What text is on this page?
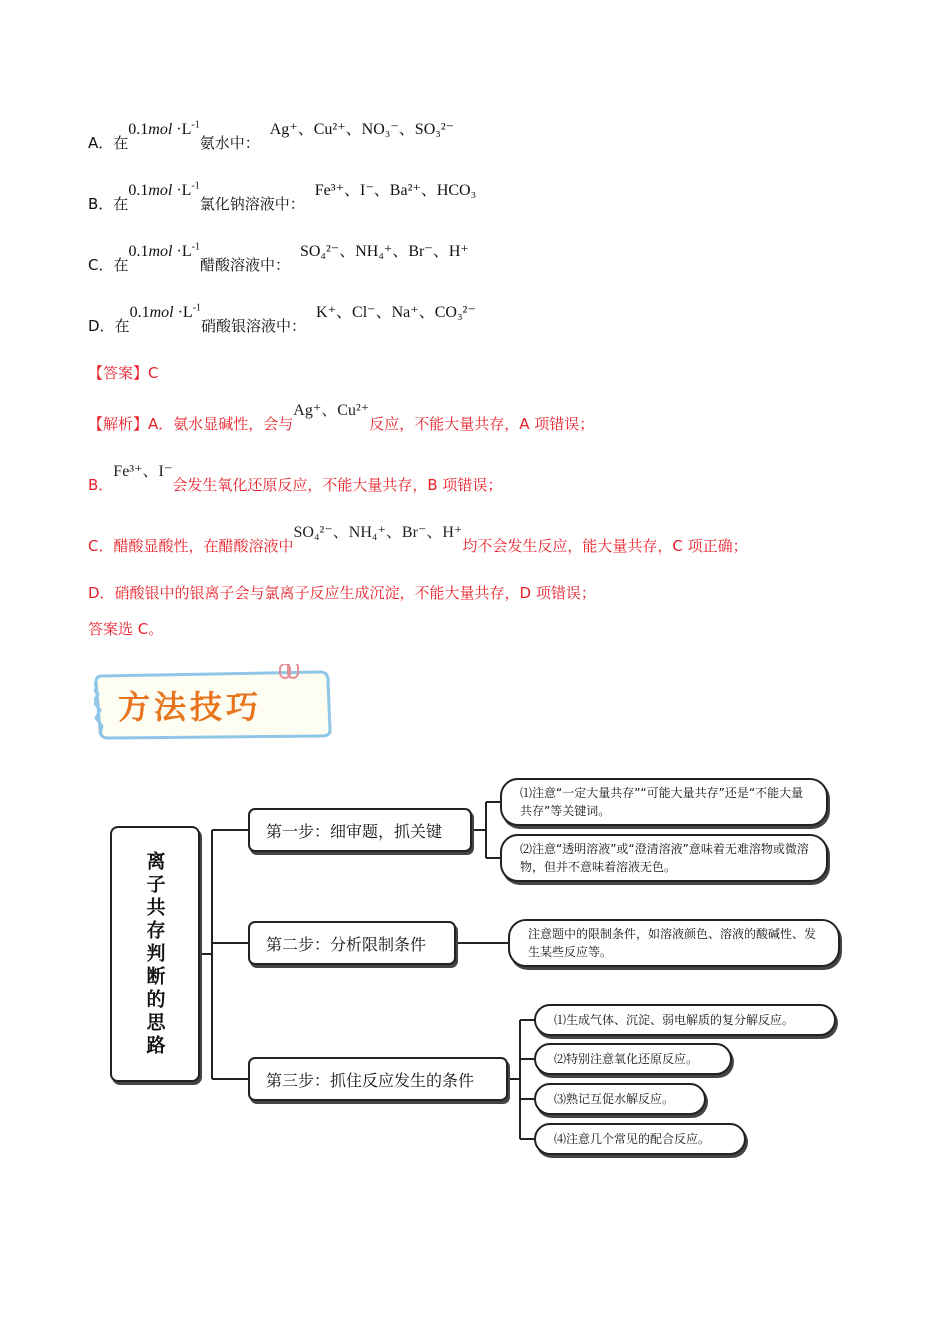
A．在$0.1mol \cdot L^{-1}$氨水中：Ag⁺、Cu²⁺、NO₃⁻、SO₃²⁻
B．在$0.1mol \cdot L^{-1}$氯化钠溶液中：Fe³⁺、I⁻、Ba²⁺、HCO₃
C．在$0.1mol \cdot L^{-1}$醋酸溶液中：SO₄²⁻、NH₄⁺、Br⁻、H⁺
D．在$0.1mol \cdot L^{-1}$硝酸银溶液中：K⁺、Cl⁻、Na⁺、CO₃²⁻
【答案】C
【解析】A．氨水显碱性，会与Ag⁺、Cu²⁺反应，不能大量共存，A 项错误；
B．Fe³⁺、I⁻会发生氧化还原反应，不能大量共存，B 项错误；
C．醋酸显酸性，在醋酸溶液中SO₄²⁻、NH₄⁺、Br⁻、H⁺均不会发生反应，能大量共存，C 项正确；
D．硝酸银中的银离子会与氯离子反应生成沉淀，不能大量共存，D 项错误；
答案选 C。
方法技巧
离子共存判断的思路
第一步：细审题，抓关键
第二步：分析限制条件
第三步：抓住反应发生的条件
⑴注意“一定大量共存”“可能大量共存”还是“不能大量共存”等关键词。
⑵注意“透明溶液”或“澄清溶液”意味着无难溶物或微溶物，但并不意味着溶液无色。
注意题中的限制条件，如溶液颜色、溶液的酸碱性、发生某些反应等。
⑴生成气体、沉淀、弱电解质的复分解反应。
⑵特别注意氧化还原反应。
⑶熟记互促水解反应。
⑷注意几个常见的配合反应。
